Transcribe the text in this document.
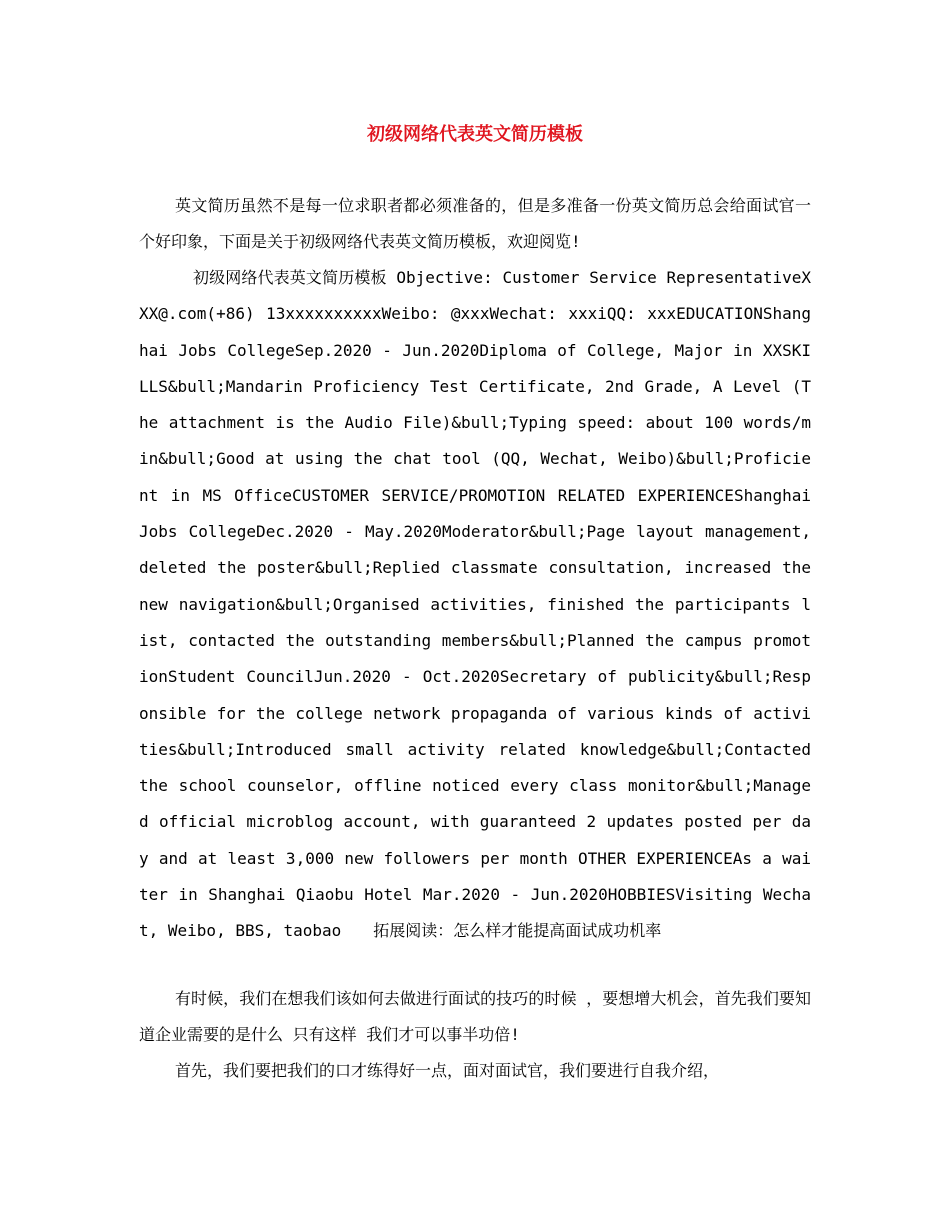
初级网络代表英文简历模板

英文简历虽然不是每一位求职者都必须准备的，但是多准备一份英文简历总会给面试官一个好印象，下面是关于初级网络代表英文简历模板，欢迎阅览!

初级网络代表英文简历模板 Objective: Customer Service RepresentativeXXX@.com(+86) 13xxxxxxxxxxWeibo: @xxxWechat: xxxiQQ: xxxEDUCATIONShanghai Jobs CollegeSep.2020 - Jun.2020Diploma of College, Major in XXSKILLS&bull;Mandarin Proficiency Test Certificate, 2nd Grade, A Level (The attachment is the Audio File)&bull;Typing speed: about 100 words/min&bull;Good at using the chat tool (QQ, Wechat, Weibo)&bull;Proficient in MS OfficeCUSTOMER SERVICE/PROMOTION RELATED EXPERIENCEShanghai Jobs CollegeDec.2020 - May.2020Moderator&bull;Page layout management, deleted the poster&bull;Replied classmate consultation, increased the new navigation&bull;Organised activities, finished the participants list, contacted the outstanding members&bull;Planned the campus promotionStudent CouncilJun.2020 - Oct.2020Secretary of publicity&bull;Responsible for the college network propaganda of various kinds of activities&bull;Introduced small activity related knowledge&bull;Contacted the school counselor, offline noticed every class monitor&bull;Managed official microblog account, with guaranteed 2 updates posted per day and at least 3,000 new followers per month OTHER EXPERIENCEAs a waiter in Shanghai Qiaobu Hotel Mar.2020 - Jun.2020HOBBIESVisiting Wechat, Weibo, BBS, taobao　　拓展阅读：怎么样才能提高面试成功机率

有时候，我们在想我们该如何去做进行面试的技巧的时候 ，要想增大机会，首先我们要知道企业需要的是什么 只有这样 我们才可以事半功倍!

首先，我们要把我们的口才练得好一点，面对面试官，我们要进行自我介绍，
